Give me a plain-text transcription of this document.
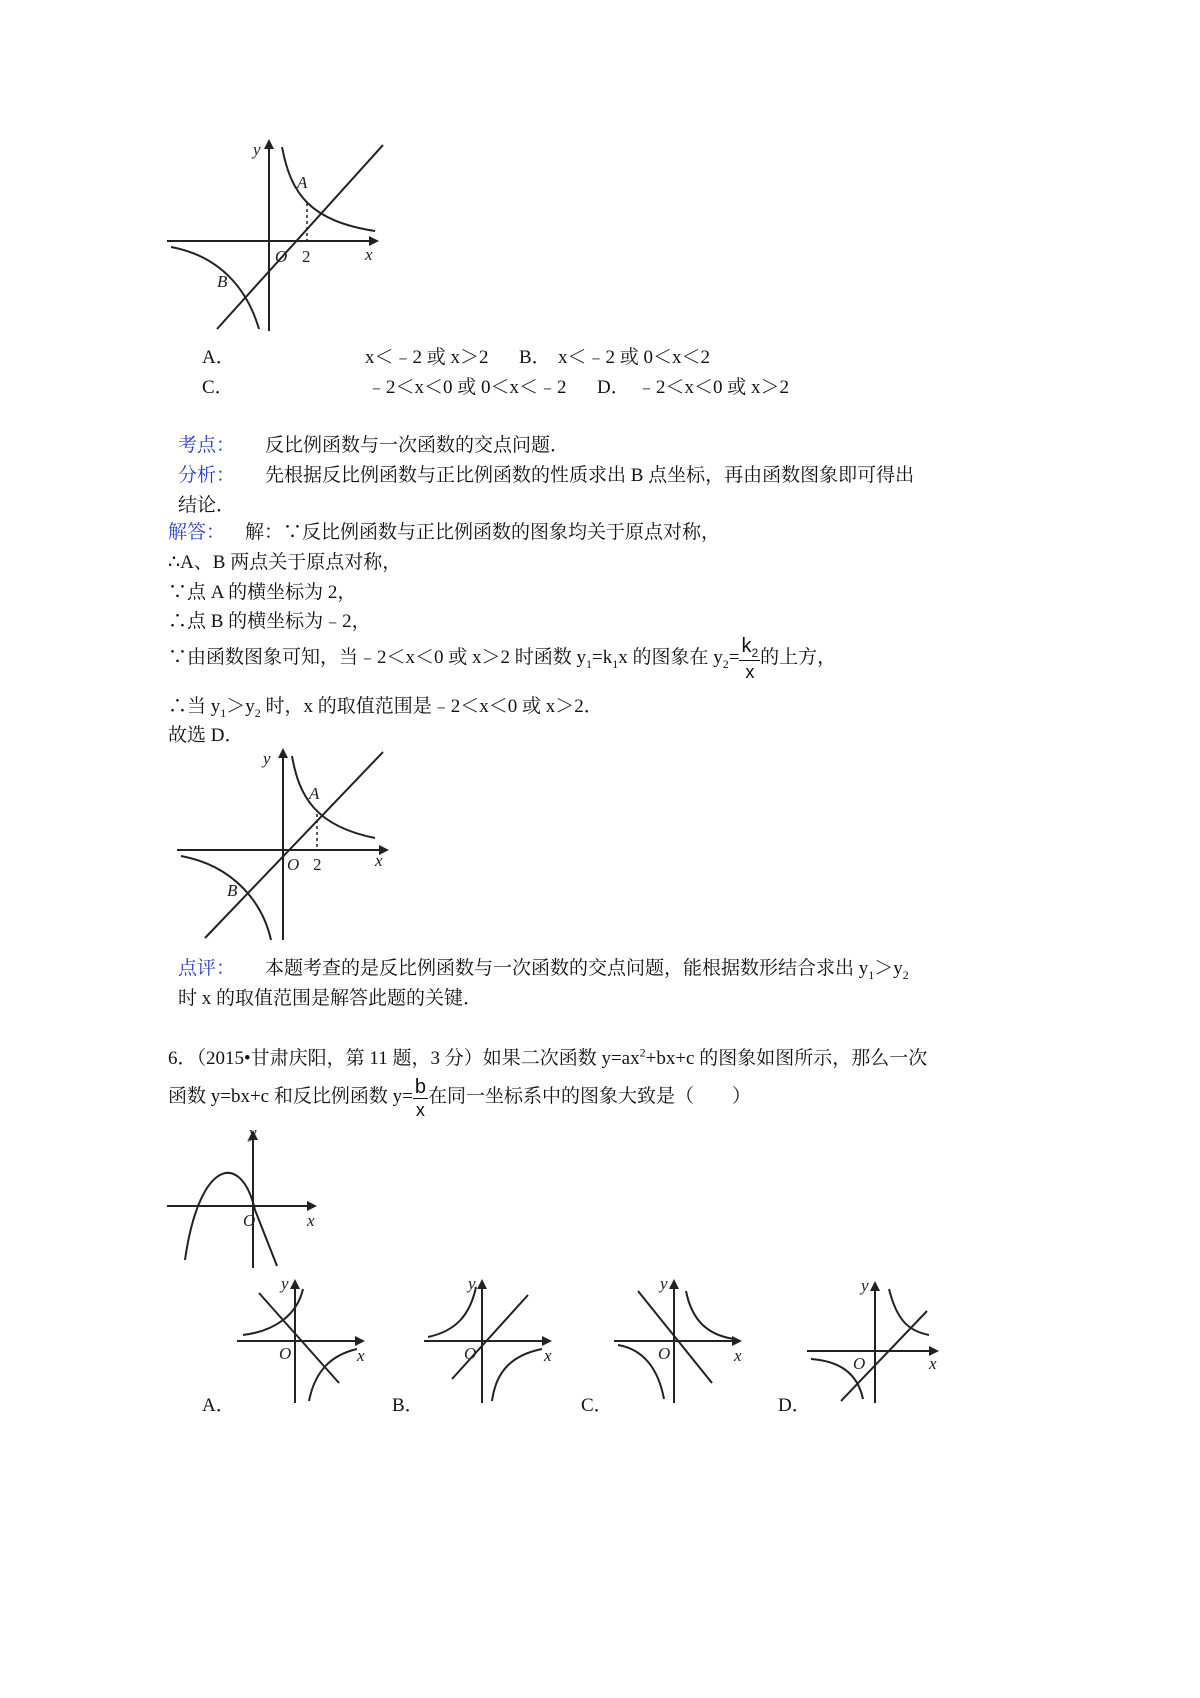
y
A
O 2	x
B
A．	x＜﹣2 或 x＞2 B． x＜﹣2 或 0＜x＜2
C．	﹣2＜x＜0 或 0＜x＜﹣2 D． ﹣2＜x＜0 或 x＞2
考点： 反比例函数与一次函数的交点问题．
分析： 先根据反比例函数与正比例函数的性质求出 B 点坐标，再由函数图象即可得出
结论．
解答： 解：∵反比例函数与正比例函数的图象均关于原点对称，
∴A、B 两点关于原点对称，
∵点 A 的横坐标为 2，
∴点 B 的横坐标为﹣2，
∵由函数图象可知，当﹣2＜x＜0 或 x＞2 时函数 $y_1=k_1x$ 的图象在 $y_2= \frac{k_2}{x}$ 的上方，
∴当 $y_1>y_2$ 时，x 的取值范围是﹣2＜x＜0 或 x＞2．
故选 D．
y
A
O 2	x
B
点评： 本题考查的是反比例函数与一次函数的交点问题，能根据数形结合求出 $y_1>y_2$
时 x 的取值范围是解答此题的关键．
6．（2015•甘肃庆阳，第 11 题，3 分）如果二次函数 $y=ax^2+bx+c$ 的图象如图所示，那么一次
函数 y=bx+c 和反比例函数 $y= \frac{b}{x}$ 在同一坐标系中的图象大致是（　　）
y
O	x
y
O	x
A．
y
O	x
B．
y
O	x
C．
y
O	x
D．
